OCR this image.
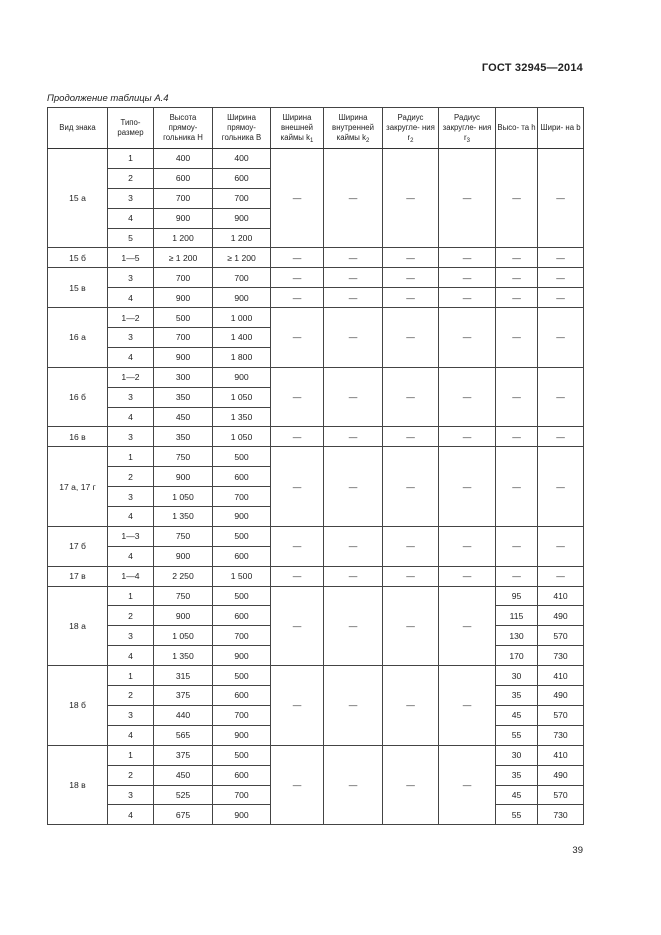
ГОСТ 32945—2014
Продолжение таблицы А.4
Вид знака	Типо- размер	Высота прямоу- гольника Н	Ширина прямоу- гольника В	Ширина внешней каймы $k_1$	Ширина внутренней каймы $k_2$	Радиус закругле- ния $r_2$	Радиус закругле- ния $r_3$	Высо- та h	Шири- на b
15 а	1	400	400	—	—	—	—	—	—
	2	600	600						
	3	700	700						
	4	900	900						
	5	1 200	1 200						
15 б	1—5	≥ 1 200	≥ 1 200	—	—	—	—	—	—
15 в	3	700	700	—	—	—	—	—	—
	4	900	900	—	—	—	—	—	—
16 а	1—2	500	1 000	—	—	—	—	—	—
	3	700	1 400						
	4	900	1 800						
16 б	1—2	300	900	—	—	—	—	—	—
	3	350	1 050						
	4	450	1 350						
16 в	3	350	1 050	—	—	—	—	—	—
17 а, 17 г	1	750	500	—	—	—	—	—	—
	2	900	600						
	3	1 050	700						
	4	1 350	900						
17 б	1—3	750	500	—	—	—	—	—	—
	4	900	600						
17 в	1—4	2 250	1 500	—	—	—	—	—	—
18 а	1	750	500	—	—	—	—	95	410
	2	900	600					115	490
	3	1 050	700					130	570
	4	1 350	900					170	730
18 б	1	315	500	—	—	—	—	30	410
	2	375	600					35	490
	3	440	700					45	570
	4	565	900					55	730
18 в	1	375	500	—	—	—	—	30	410
	2	450	600					35	490
	3	525	700					45	570
	4	675	900					55	730
39
